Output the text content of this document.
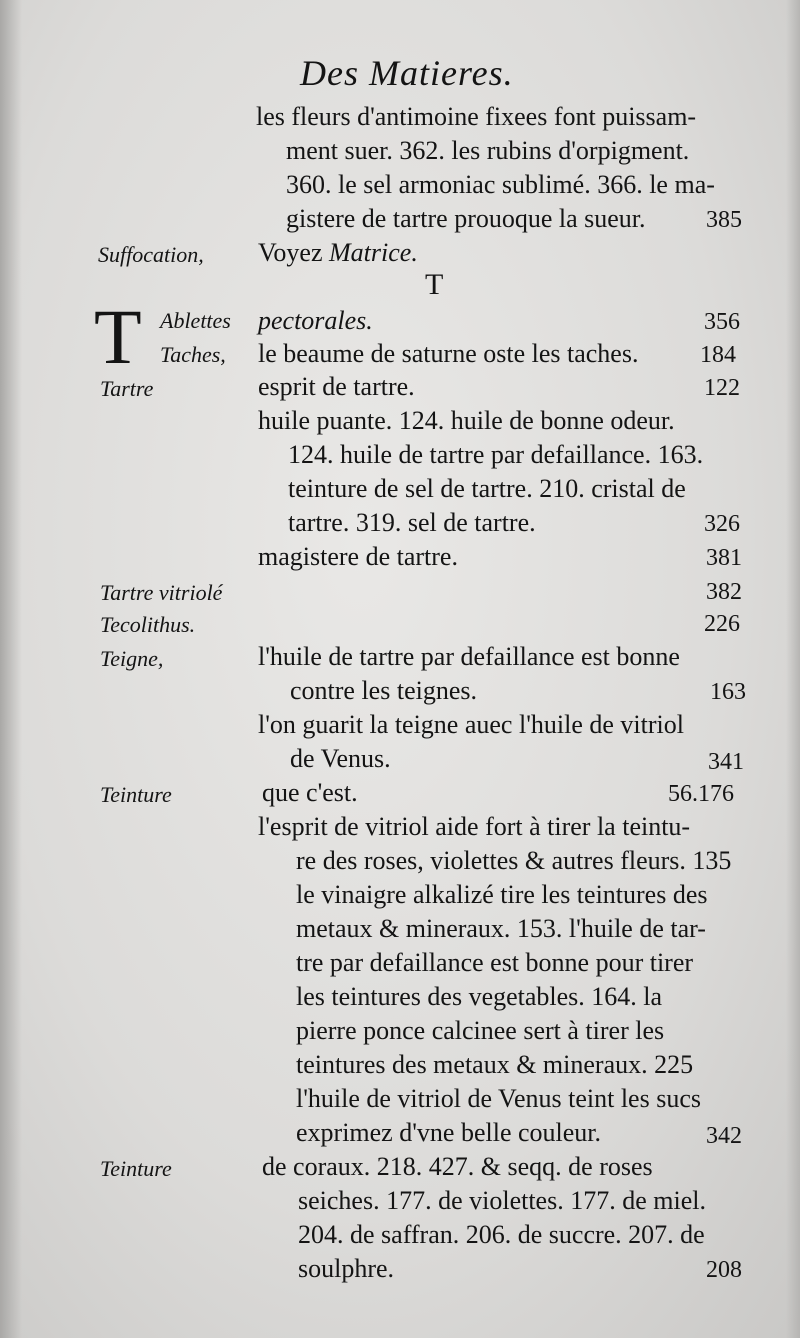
Des Matieres.
les fleurs d'antimoine fixees font puissam-
ment suer. 362. les rubins d'orpigment.
360. le sel armoniac sublimé. 366. le ma-
gistere de tartre prouoque la sueur.	385
Suffocation, Voyez Matrice.
T
T Ablettes pectorales.	356
Taches, le beaume de saturne oste les taches.	184
Tartre	esprit de tartre.	122
huile puante. 124. huile de bonne odeur.
124. huile de tartre par defaillance. 163.
teinture de sel de tartre. 210. cristal de
tartre. 319. sel de tartre.	326
magistere de tartre.	381
Tartre vitriolé	382
Tecolithus.	226
Teigne,	l'huile de tartre par defaillance est bonne
contre les teignes.	163
l'on guarit la teigne auec l'huile de vitriol
de Venus.	341
Teinture	que c'est.	56.176
l'esprit de vitriol aide fort à tirer la teintu-
re des roses, violettes & autres fleurs. 135
le vinaigre alkalizé tire les teintures des
metaux & mineraux. 153. l'huile de tar-
tre par defaillance est bonne pour tirer
les teintures des vegetables. 164. la
pierre ponce calcinee sert à tirer les
teintures des metaux & mineraux. 225
l'huile de vitriol de Venus teint les sucs
exprimez d'vne belle couleur.	342
Teinture	de coraux. 218. 427. & seqq. de roses
seiches. 177. de violettes. 177. de miel.
204. de saffran. 206. de succre. 207. de
soulphre.	208
